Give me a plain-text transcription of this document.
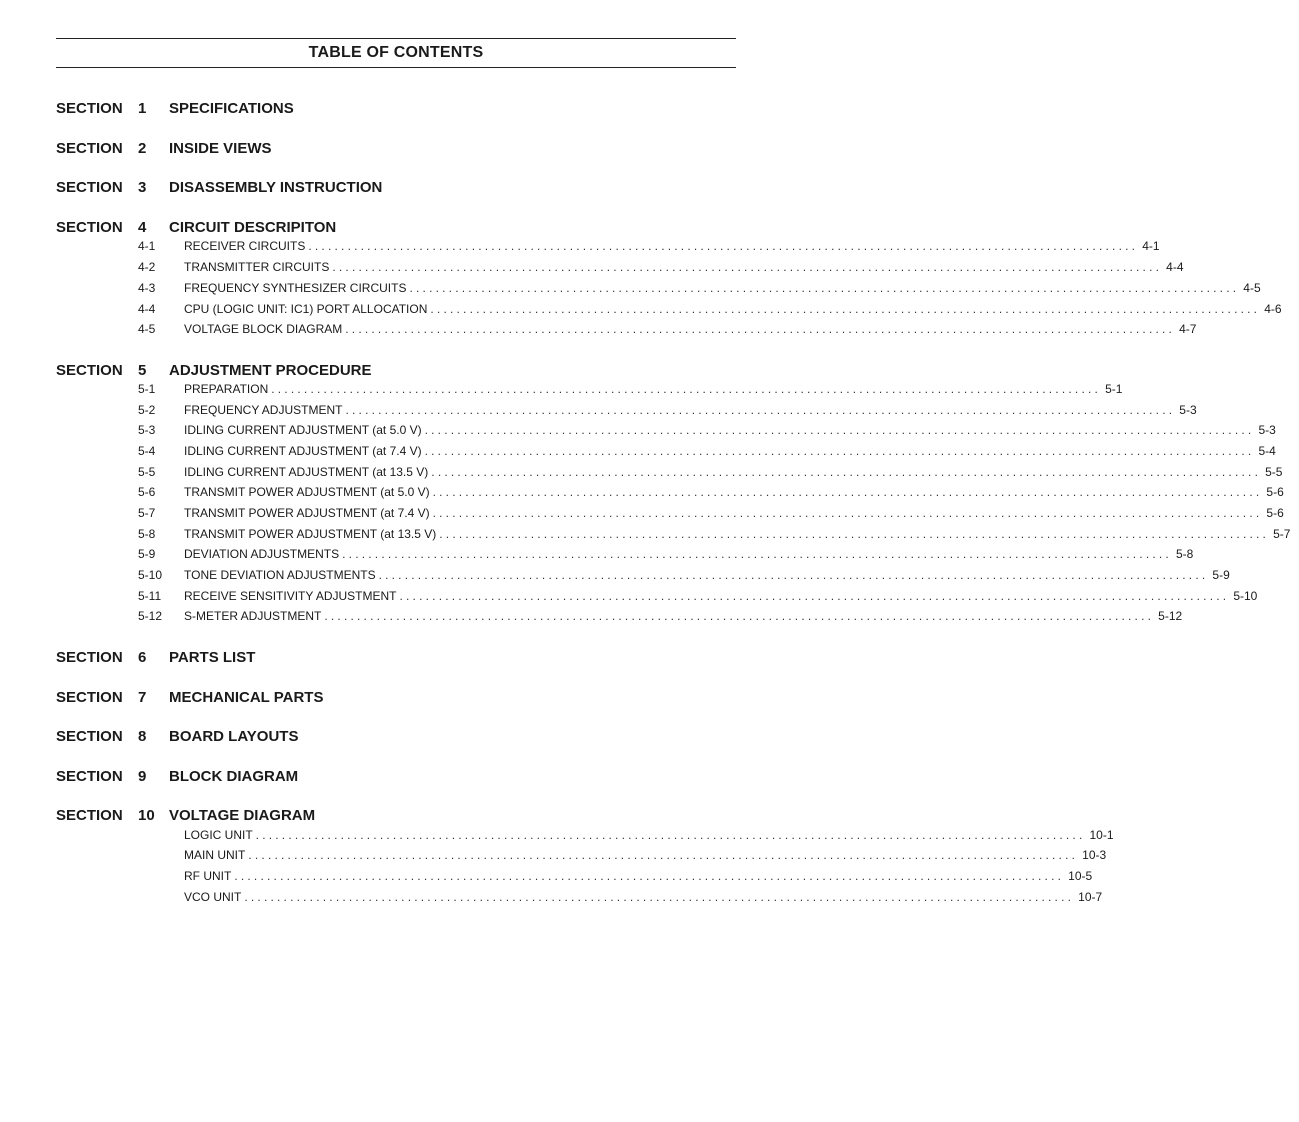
TABLE OF CONTENTS
SECTION 1 SPECIFICATIONS
SECTION 2 INSIDE VIEWS
SECTION 3 DISASSEMBLY INSTRUCTION
SECTION 4 CIRCUIT DESCRIPITON
4-1 RECEIVER CIRCUITS ............................................................................................................................... 4-1
4-2 TRANSMITTER CIRCUITS ............................................................................................................................... 4-4
4-3 FREQUENCY SYNTHESIZER CIRCUITS ............................................................................................................................... 4-5
4-4 CPU (LOGIC UNIT: IC1) PORT ALLOCATION ............................................................................................................................... 4-6
4-5 VOLTAGE BLOCK DIAGRAM ............................................................................................................................... 4-7
SECTION 5 ADJUSTMENT PROCEDURE
5-1 PREPARATION ............................................................................................................................... 5-1
5-2 FREQUENCY ADJUSTMENT ............................................................................................................................... 5-3
5-3 IDLING CURRENT ADJUSTMENT (at 5.0 V) ............................................................................................................................... 5-3
5-4 IDLING CURRENT ADJUSTMENT (at 7.4 V) ............................................................................................................................... 5-4
5-5 IDLING CURRENT ADJUSTMENT (at 13.5 V) ............................................................................................................................... 5-5
5-6 TRANSMIT POWER ADJUSTMENT (at 5.0 V) ............................................................................................................................... 5-6
5-7 TRANSMIT POWER ADJUSTMENT (at 7.4 V) ............................................................................................................................... 5-6
5-8 TRANSMIT POWER ADJUSTMENT (at 13.5 V) ............................................................................................................................... 5-7
5-9 DEVIATION ADJUSTMENTS ............................................................................................................................... 5-8
5-10 TONE DEVIATION ADJUSTMENTS ............................................................................................................................... 5-9
5-11 RECEIVE SENSITIVITY ADJUSTMENT ............................................................................................................................... 5-10
5-12 S-METER ADJUSTMENT ............................................................................................................................... 5-12
SECTION 6 PARTS LIST
SECTION 7 MECHANICAL PARTS
SECTION 8 BOARD LAYOUTS
SECTION 9 BLOCK DIAGRAM
SECTION 10 VOLTAGE DIAGRAM
LOGIC UNIT ............................................................................................................................... 10-1
MAIN UNIT ............................................................................................................................... 10-3
RF UNIT ............................................................................................................................... 10-5
VCO UNIT ............................................................................................................................... 10-7
